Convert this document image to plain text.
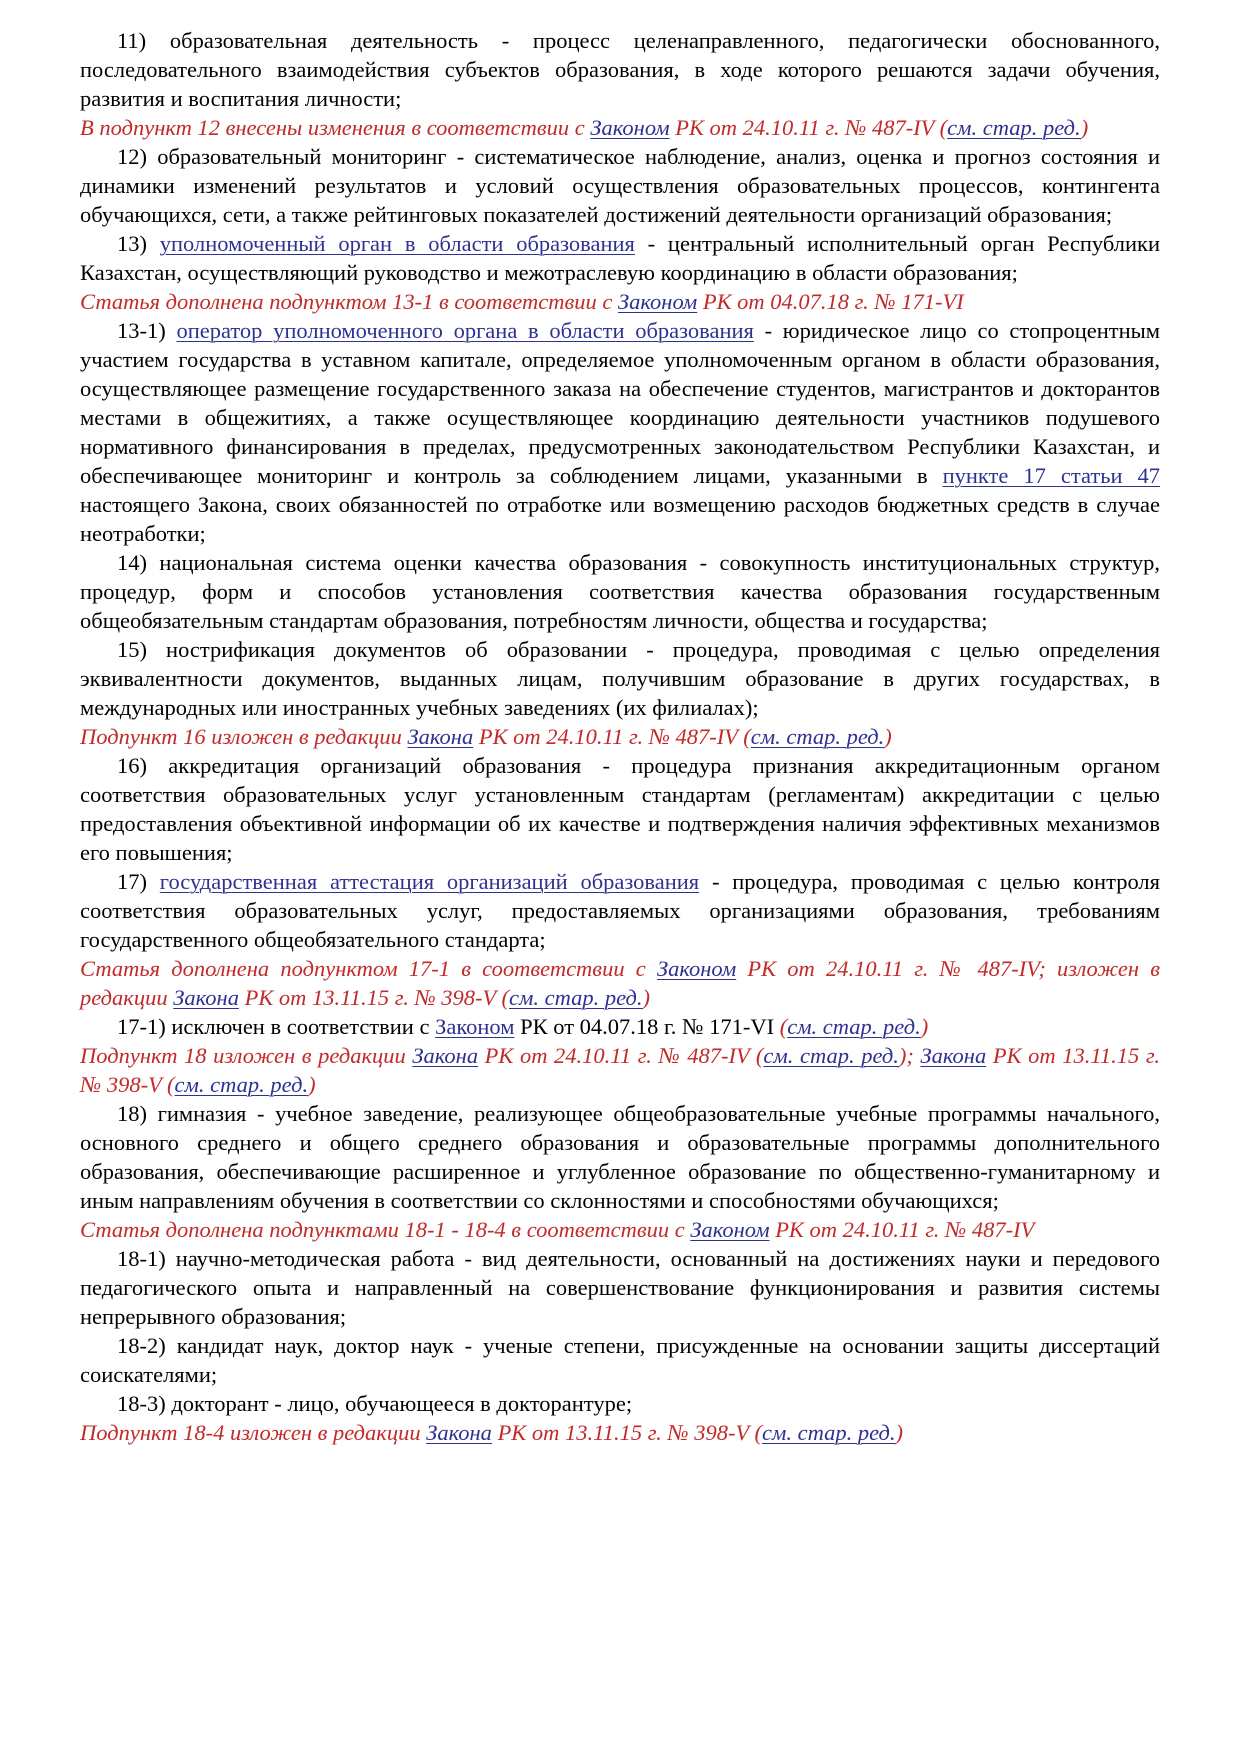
11) образовательная деятельность - процесс целенаправленного, педагогически обоснованного, последовательного взаимодействия субъектов образования, в ходе которого решаются задачи обучения, развития и воспитания личности;

В подпункт 12 внесены изменения в соответствии с Законом РК от 24.10.11 г. № 487-IV (см. стар. ред.)

12) образовательный мониторинг - систематическое наблюдение, анализ, оценка и прогноз состояния и динамики изменений результатов и условий осуществления образовательных процессов, контингента обучающихся, сети, а также рейтинговых показателей достижений деятельности организаций образования;

13) уполномоченный орган в области образования - центральный исполнительный орган Республики Казахстан, осуществляющий руководство и межотраслевую координацию в области образования;

Статья дополнена подпунктом 13-1 в соответствии с Законом РК от 04.07.18 г. № 171-VI

13-1) оператор уполномоченного органа в области образования - юридическое лицо со стопроцентным участием государства в уставном капитале, определяемое уполномоченным органом в области образования, осуществляющее размещение государственного заказа на обеспечение студентов, магистрантов и докторантов местами в общежитиях, а также осуществляющее координацию деятельности участников подушевого нормативного финансирования в пределах, предусмотренных законодательством Республики Казахстан, и обеспечивающее мониторинг и контроль за соблюдением лицами, указанными в пункте 17 статьи 47 настоящего Закона, своих обязанностей по отработке или возмещению расходов бюджетных средств в случае неотработки;

14) национальная система оценки качества образования - совокупность институциональных структур, процедур, форм и способов установления соответствия качества образования государственным общеобязательным стандартам образования, потребностям личности, общества и государства;

15) нострификация документов об образовании - процедура, проводимая с целью определения эквивалентности документов, выданных лицам, получившим образование в других государствах, в международных или иностранных учебных заведениях (их филиалах);

Подпункт 16 изложен в редакции Закона РК от 24.10.11 г. № 487-IV (см. стар. ред.)

16) аккредитация организаций образования - процедура признания аккредитационным органом соответствия образовательных услуг установленным стандартам (регламентам) аккредитации с целью предоставления объективной информации об их качестве и подтверждения наличия эффективных механизмов его повышения;

17) государственная аттестация организаций образования - процедура, проводимая с целью контроля соответствия образовательных услуг, предоставляемых организациями образования, требованиям государственного общеобязательного стандарта;

Статья дополнена подпунктом 17-1 в соответствии с Законом РК от 24.10.11 г. № 487-IV; изложен в редакции Закона РК от 13.11.15 г. № 398-V (см. стар. ред.)

17-1) исключен в соответствии с Законом РК от 04.07.18 г. № 171-VI (см. стар. ред.)

Подпункт 18 изложен в редакции Закона РК от 24.10.11 г. № 487-IV (см. стар. ред.); Закона РК от 13.11.15 г. № 398-V (см. стар. ред.)

18) гимназия - учебное заведение, реализующее общеобразовательные учебные программы начального, основного среднего и общего среднего образования и образовательные программы дополнительного образования, обеспечивающие расширенное и углубленное образование по общественно-гуманитарному и иным направлениям обучения в соответствии со склонностями и способностями обучающихся;

Статья дополнена подпунктами 18-1 - 18-4 в соответствии с Законом РК от 24.10.11 г. № 487-IV

18-1) научно-методическая работа - вид деятельности, основанный на достижениях науки и передового педагогического опыта и направленный на совершенствование функционирования и развития системы непрерывного образования;

18-2) кандидат наук, доктор наук - ученые степени, присужденные на основании защиты диссертаций соискателями;

18-3) докторант - лицо, обучающееся в докторантуре;

Подпункт 18-4 изложен в редакции Закона РК от 13.11.15 г. № 398-V (см. стар. ред.)
